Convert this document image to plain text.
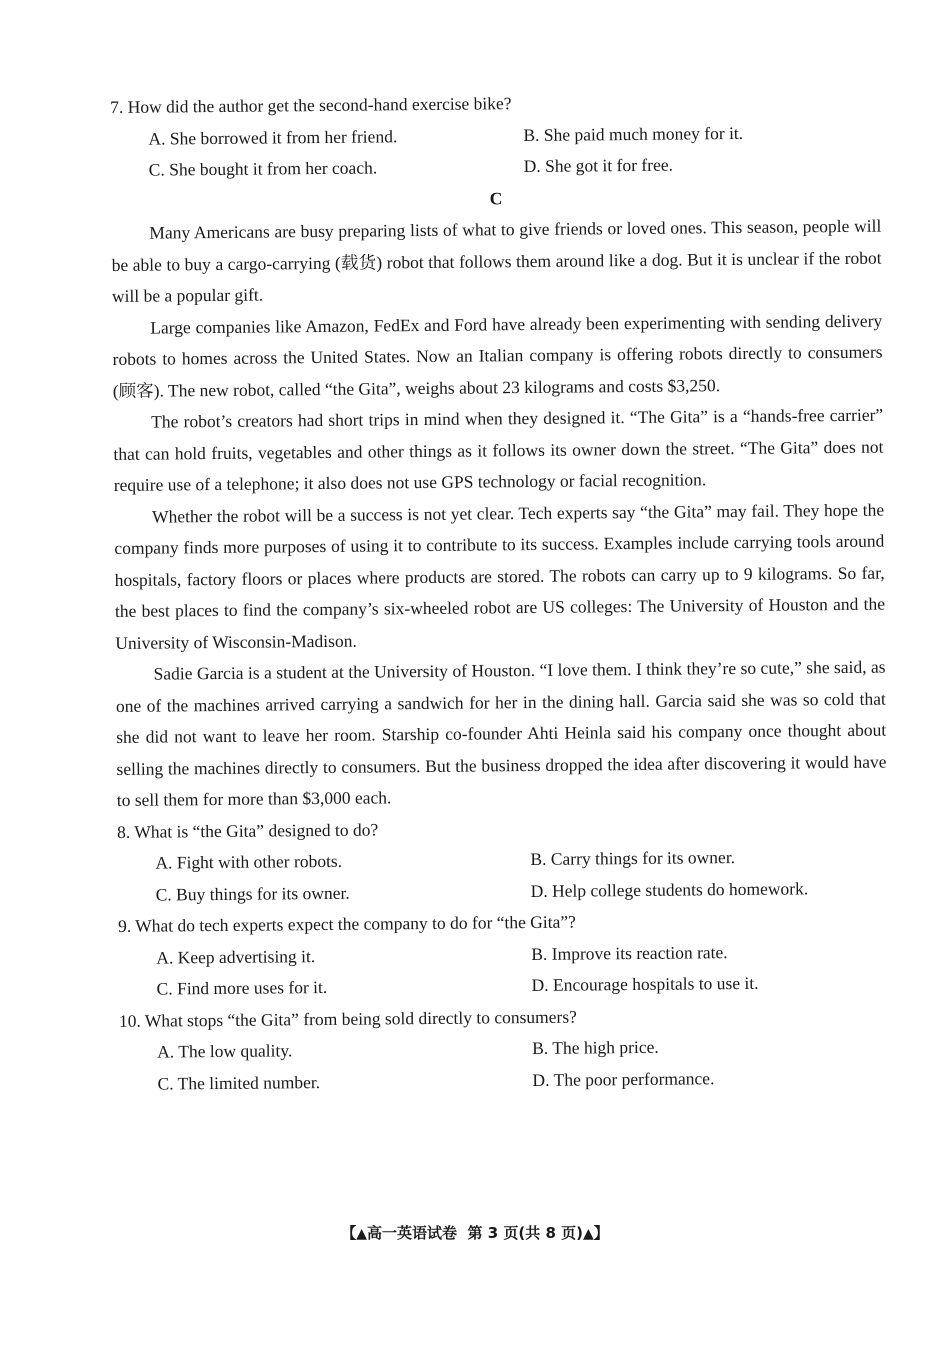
7. How did the author get the second-hand exercise bike?

A. She borrowed it from her friend.	B. She paid much money for it.
C. She bought it from her coach.	D. She got it for free.

C

Many Americans are busy preparing lists of what to give friends or loved ones. This season, people will be able to buy a cargo-carrying (载货) robot that follows them around like a dog. But it is unclear if the robot will be a popular gift.

Large companies like Amazon, FedEx and Ford have already been experimenting with sending delivery robots to homes across the United States. Now an Italian company is offering robots directly to consumers (顾客). The new robot, called “the Gita”, weighs about 23 kilograms and costs $3,250.

The robot’s creators had short trips in mind when they designed it. “The Gita” is a “hands-free carrier” that can hold fruits, vegetables and other things as it follows its owner down the street. “The Gita” does not require use of a telephone; it also does not use GPS technology or facial recognition.

Whether the robot will be a success is not yet clear. Tech experts say “the Gita” may fail. They hope the company finds more purposes of using it to contribute to its success. Examples include carrying tools around hospitals, factory floors or places where products are stored. The robots can carry up to 9 kilograms. So far, the best places to find the company’s six-wheeled robot are US colleges: The University of Houston and the University of Wisconsin-Madison.

Sadie Garcia is a student at the University of Houston. “I love them. I think they’re so cute,” she said, as one of the machines arrived carrying a sandwich for her in the dining hall. Garcia said she was so cold that she did not want to leave her room. Starship co-founder Ahti Heinla said his company once thought about selling the machines directly to consumers. But the business dropped the idea after discovering it would have to sell them for more than $3,000 each.

8. What is “the Gita” designed to do?

A. Fight with other robots.	B. Carry things for its owner.
C. Buy things for its owner.	D. Help college students do homework.

9. What do tech experts expect the company to do for “the Gita”?

A. Keep advertising it.	B. Improve its reaction rate.
C. Find more uses for it.	D. Encourage hospitals to use it.

10. What stops “the Gita” from being sold directly to consumers?

A. The low quality.	B. The high price.
C. The limited number.	D. The poor performance.
【▲高一英语试卷 第 3 页(共 8 页)▲】
